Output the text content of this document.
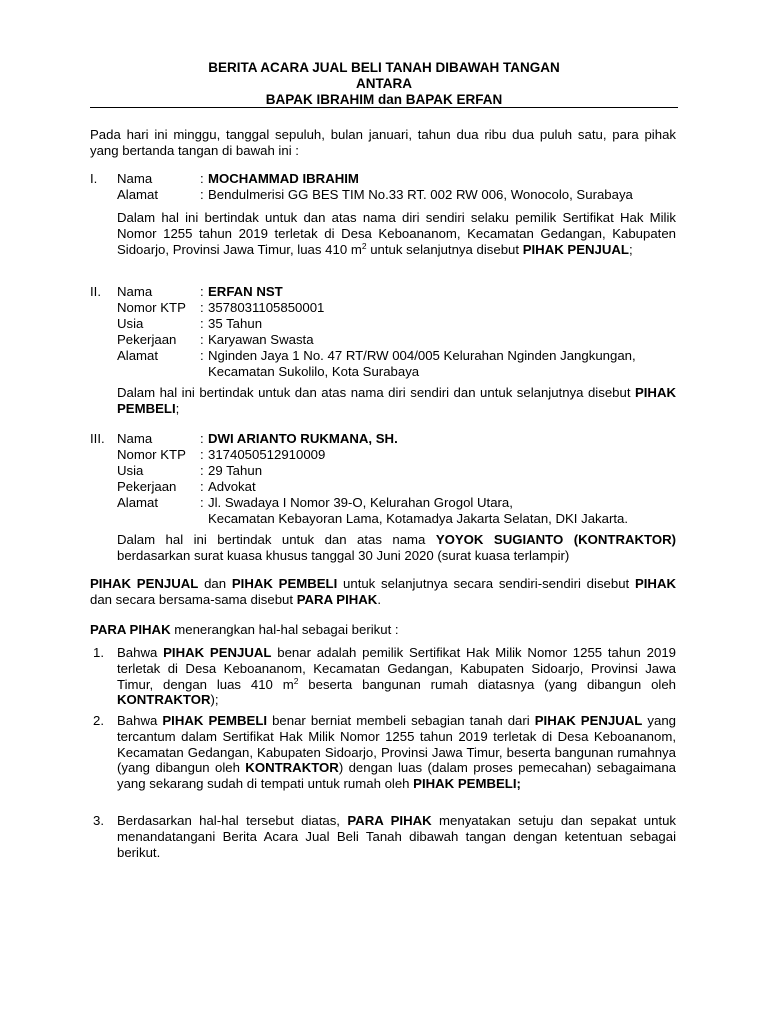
BERITA ACARA JUAL BELI TANAH DIBAWAH TANGAN
ANTARA
BAPAK IBRAHIM dan BAPAK ERFAN
Pada hari ini minggu, tanggal sepuluh, bulan januari, tahun dua ribu dua puluh satu, para pihak yang bertanda tangan di bawah ini :
I. Nama	: MOCHAMMAD IBRAHIM
Alamat	: Bendulmerisi GG BES TIM No.33 RT. 002 RW 006, Wonocolo, Surabaya
Dalam hal ini bertindak untuk dan atas nama diri sendiri selaku pemilik Sertifikat Hak Milik Nomor 1255 tahun 2019 terletak di Desa Keboananom, Kecamatan Gedangan, Kabupaten Sidoarjo, Provinsi Jawa Timur, luas 410 $m^2$ untuk selanjutnya disebut PIHAK PENJUAL;
II. Nama	: ERFAN NST
Nomor KTP : 3578031105850001
Usia	: 35 Tahun
Pekerjaan : Karyawan Swasta
Alamat	: Nginden Jaya 1 No. 47 RT/RW 004/005 Kelurahan Nginden Jangkungan,
Kecamatan Sukolilo, Kota Surabaya
Dalam hal ini bertindak untuk dan atas nama diri sendiri dan untuk selanjutnya disebut PIHAK PEMBELI;
III. Nama	: DWI ARIANTO RUKMANA, SH.
Nomor KTP : 3174050512910009
Usia	: 29 Tahun
Pekerjaan : Advokat
Alamat	: Jl. Swadaya I Nomor 39-O, Kelurahan Grogol Utara,
Kecamatan Kebayoran Lama, Kotamadya Jakarta Selatan, DKI Jakarta.
Dalam hal ini bertindak untuk dan atas nama YOYOK SUGIANTO (KONTRAKTOR) berdasarkan surat kuasa khusus tanggal 30 Juni 2020 (surat kuasa terlampir)
PIHAK PENJUAL dan PIHAK PEMBELI untuk selanjutnya secara sendiri-sendiri disebut PIHAK dan secara bersama-sama disebut PARA PIHAK.
PARA PIHAK menerangkan hal-hal sebagai berikut :
1. Bahwa PIHAK PENJUAL benar adalah pemilik Sertifikat Hak Milik Nomor 1255 tahun 2019 terletak di Desa Keboananom, Kecamatan Gedangan, Kabupaten Sidoarjo, Provinsi Jawa Timur, dengan luas 410 $m^2$ beserta bangunan rumah diatasnya (yang dibangun oleh KONTRAKTOR);
2. Bahwa PIHAK PEMBELI benar berniat membeli sebagian tanah dari PIHAK PENJUAL yang tercantum dalam Sertifikat Hak Milik Nomor 1255 tahun 2019 terletak di Desa Keboananom, Kecamatan Gedangan, Kabupaten Sidoarjo, Provinsi Jawa Timur, beserta bangunan rumahnya (yang dibangun oleh KONTRAKTOR) dengan luas (dalam proses pemecahan) sebagaimana yang sekarang sudah di tempati untuk rumah oleh PIHAK PEMBELI;
3. Berdasarkan hal-hal tersebut diatas, PARA PIHAK menyatakan setuju dan sepakat untuk menandatangani Berita Acara Jual Beli Tanah dibawah tangan dengan ketentuan sebagai berikut.
